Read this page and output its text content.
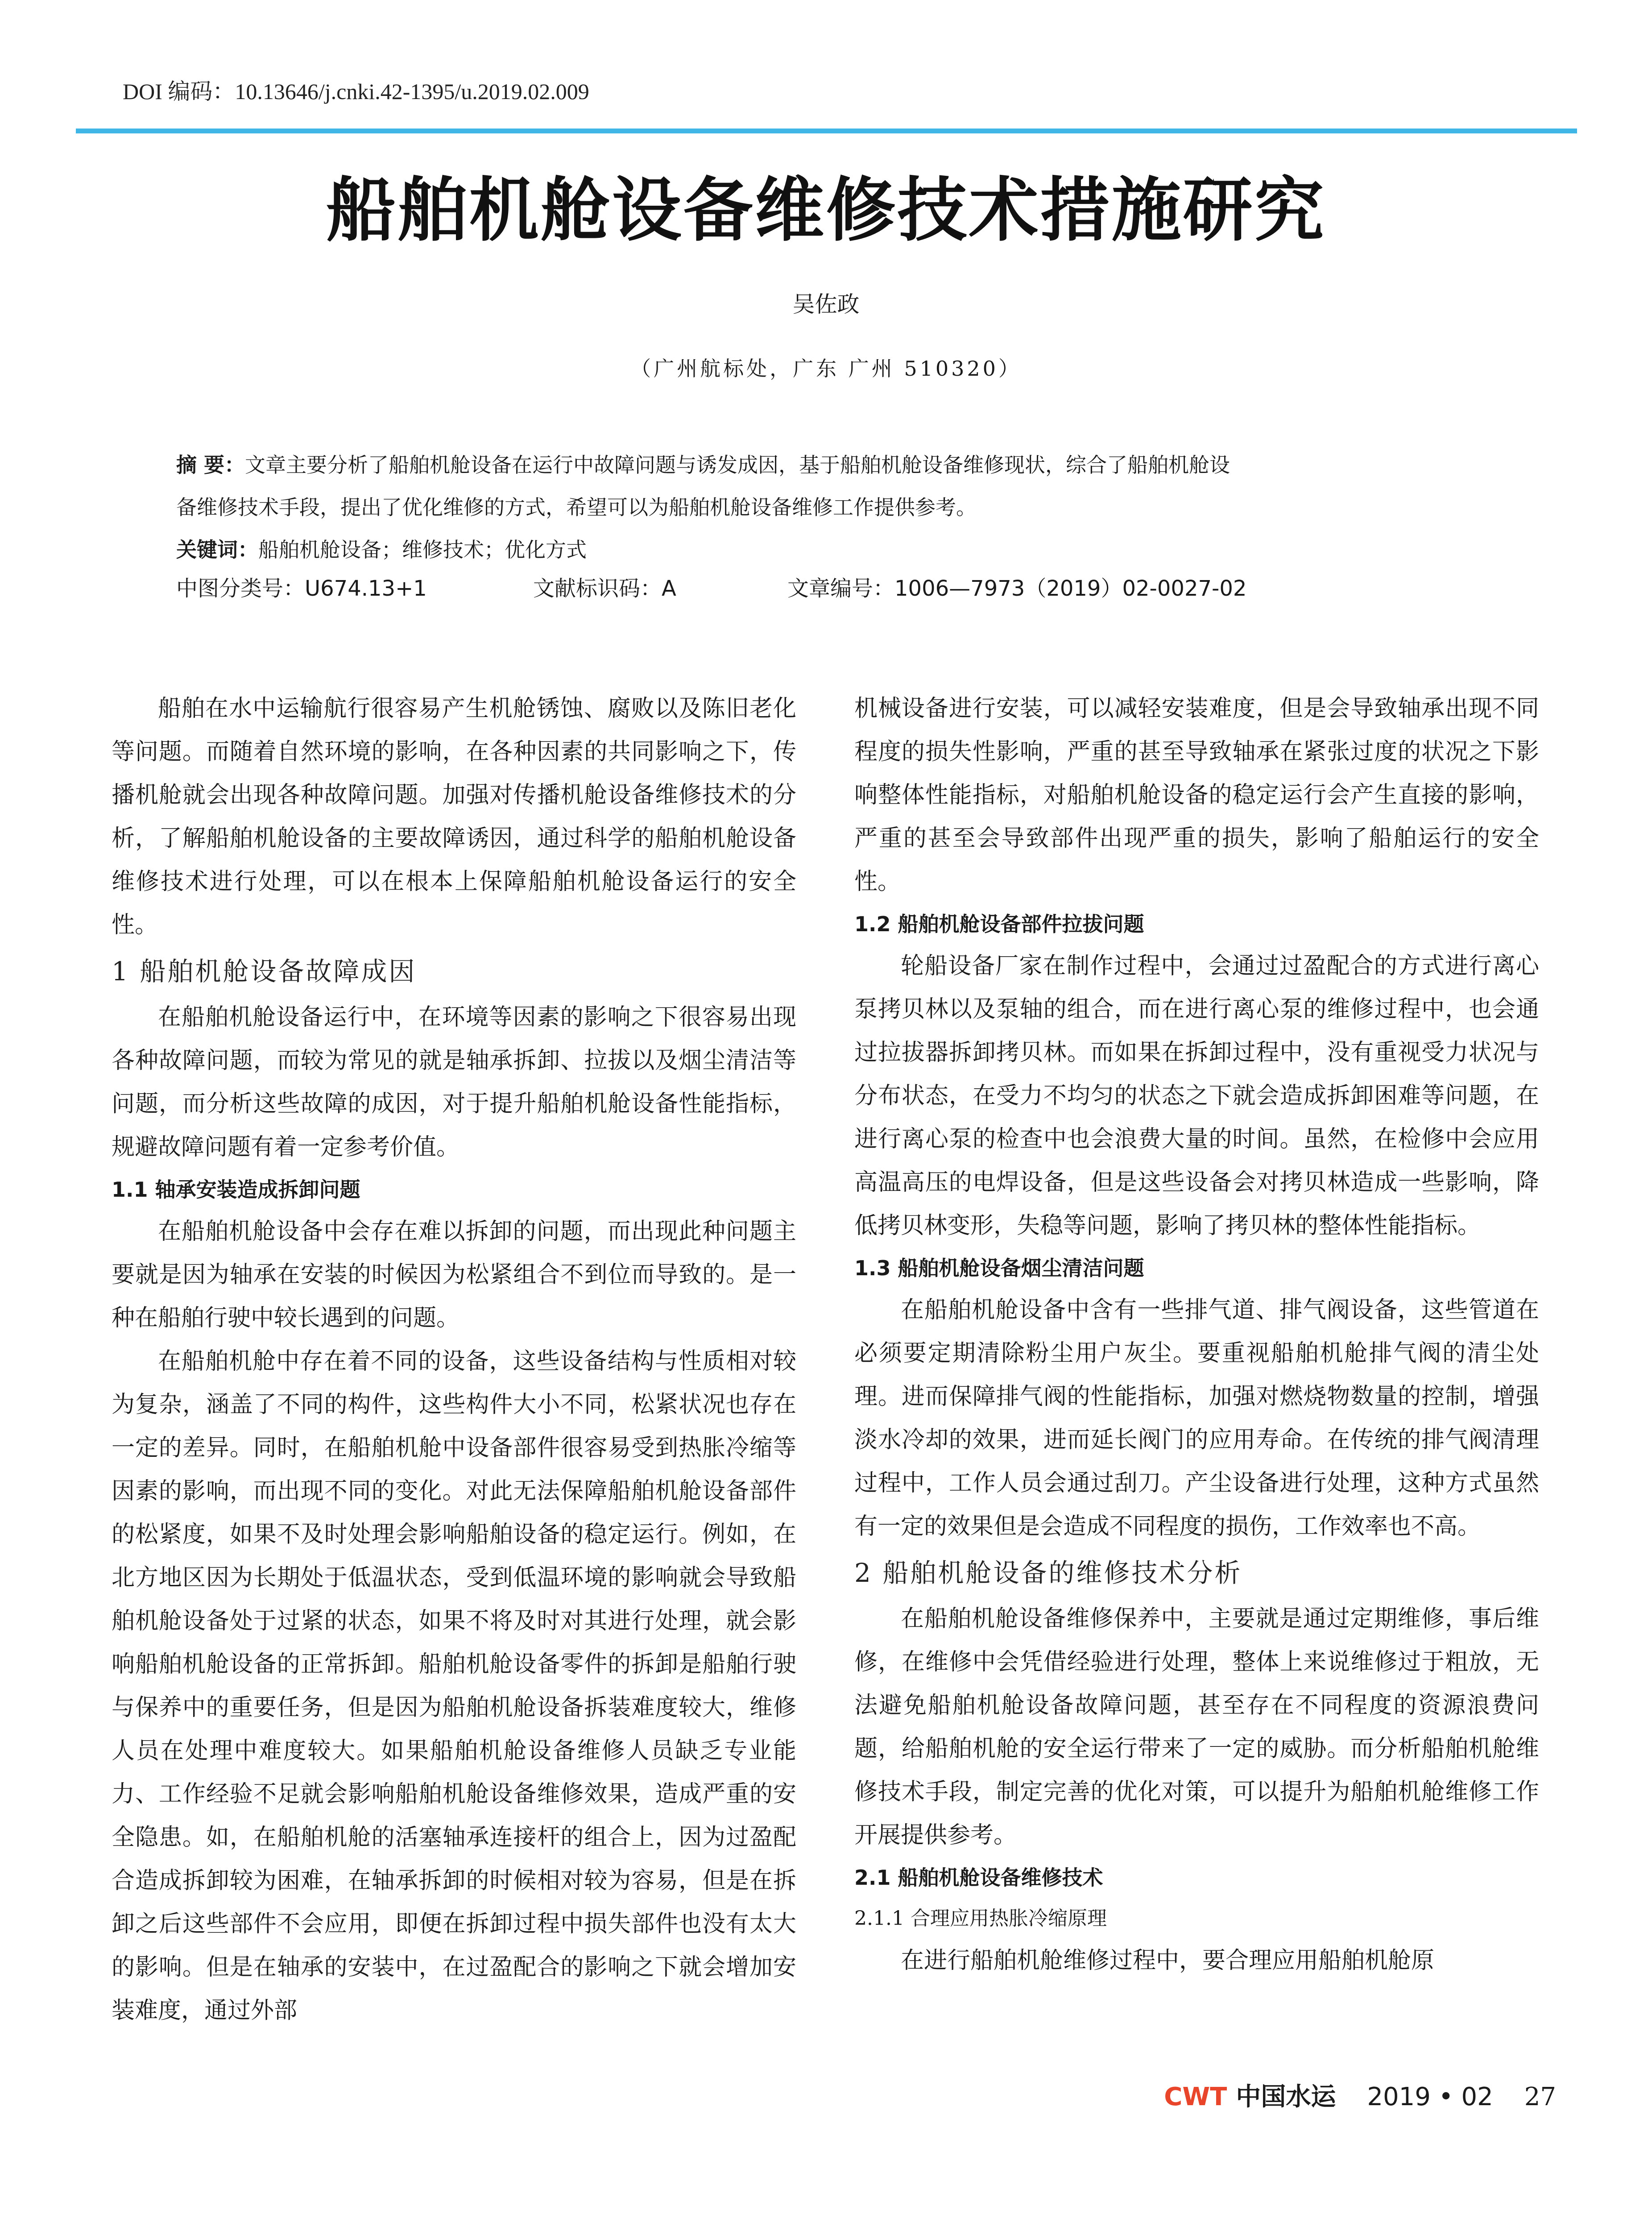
DOI 编码：10.13646/j.cnki.42-1395/u.2019.02.009
船舶机舱设备维修技术措施研究
吴佐政
（广州航标处，广东 广州 510320）
摘 要：文章主要分析了船舶机舱设备在运行中故障问题与诱发成因，基于船舶机舱设备维修现状，综合了船舶机舱设
备维修技术手段，提出了优化维修的方式，希望可以为船舶机舱设备维修工作提供参考。
关键词：船舶机舱设备；维修技术；优化方式
中图分类号：U674.13+1	文献标识码：A	文章编号：1006—7973（2019）02-0027-02

船舶在水中运输航行很容易产生机舱锈蚀、腐败以及陈旧老化等问题。而随着自然环境的影响，在各种因素的共同影响之下，传播机舱就会出现各种故障问题。加强对传播机舱设备维修技术的分析，了解船舶机舱设备的主要故障诱因，通过科学的船舶机舱设备维修技术进行处理，可以在根本上保障船舶机舱设备运行的安全性。

1 船舶机舱设备故障成因

在船舶机舱设备运行中，在环境等因素的影响之下很容易出现各种故障问题，而较为常见的就是轴承拆卸、拉拔以及烟尘清洁等问题，而分析这些故障的成因，对于提升船舶机舱设备性能指标，规避故障问题有着一定参考价值。

1.1 轴承安装造成拆卸问题

在船舶机舱设备中会存在难以拆卸的问题，而出现此种问题主要就是因为轴承在安装的时候因为松紧组合不到位而导致的。是一种在船舶行驶中较长遇到的问题。

在船舶机舱中存在着不同的设备，这些设备结构与性质相对较为复杂，涵盖了不同的构件，这些构件大小不同，松紧状况也存在一定的差异。同时，在船舶机舱中设备部件很容易受到热胀冷缩等因素的影响，而出现不同的变化。对此无法保障船舶机舱设备部件的松紧度，如果不及时处理会影响船舶设备的稳定运行。例如，在北方地区因为长期处于低温状态，受到低温环境的影响就会导致船舶机舱设备处于过紧的状态，如果不将及时对其进行处理，就会影响船舶机舱设备的正常拆卸。船舶机舱设备零件的拆卸是船舶行驶与保养中的重要任务，但是因为船舶机舱设备拆装难度较大，维修人员在处理中难度较大。如果船舶机舱设备维修人员缺乏专业能力、工作经验不足就会影响船舶机舱设备维修效果，造成严重的安全隐患。如，在船舶机舱的活塞轴承连接杆的组合上，因为过盈配合造成拆卸较为困难，在轴承拆卸的时候相对较为容易，但是在拆卸之后这些部件不会应用，即便在拆卸过程中损失部件也没有太大的影响。但是在轴承的安装中，在过盈配合的影响之下就会增加安装难度，通过外部

机械设备进行安装，可以减轻安装难度，但是会导致轴承出现不同程度的损失性影响，严重的甚至导致轴承在紧张过度的状况之下影响整体性能指标，对船舶机舱设备的稳定运行会产生直接的影响，严重的甚至会导致部件出现严重的损失，影响了船舶运行的安全性。

1.2 船舶机舱设备部件拉拔问题

轮船设备厂家在制作过程中，会通过过盈配合的方式进行离心泵拷贝林以及泵轴的组合，而在进行离心泵的维修过程中，也会通过拉拔器拆卸拷贝林。而如果在拆卸过程中，没有重视受力状况与分布状态，在受力不均匀的状态之下就会造成拆卸困难等问题，在进行离心泵的检查中也会浪费大量的时间。虽然，在检修中会应用高温高压的电焊设备，但是这些设备会对拷贝林造成一些影响，降低拷贝林变形，失稳等问题，影响了拷贝林的整体性能指标。

1.3 船舶机舱设备烟尘清洁问题

在船舶机舱设备中含有一些排气道、排气阀设备，这些管道在必须要定期清除粉尘用户灰尘。要重视船舶机舱排气阀的清尘处理。进而保障排气阀的性能指标，加强对燃烧物数量的控制，增强淡水冷却的效果，进而延长阀门的应用寿命。在传统的排气阀清理过程中，工作人员会通过刮刀。产尘设备进行处理，这种方式虽然有一定的效果但是会造成不同程度的损伤，工作效率也不高。

2 船舶机舱设备的维修技术分析

在船舶机舱设备维修保养中，主要就是通过定期维修，事后维修，在维修中会凭借经验进行处理，整体上来说维修过于粗放，无法避免船舶机舱设备故障问题，甚至存在不同程度的资源浪费问题，给船舶机舱的安全运行带来了一定的威胁。而分析船舶机舱维修技术手段，制定完善的优化对策，可以提升为船舶机舱维修工作开展提供参考。

2.1 船舶机舱设备维修技术

2.1.1 合理应用热胀冷缩原理

在进行船舶机舱维修过程中，要合理应用船舶机舱原

CWT 中国水运 2019 • 02 27
